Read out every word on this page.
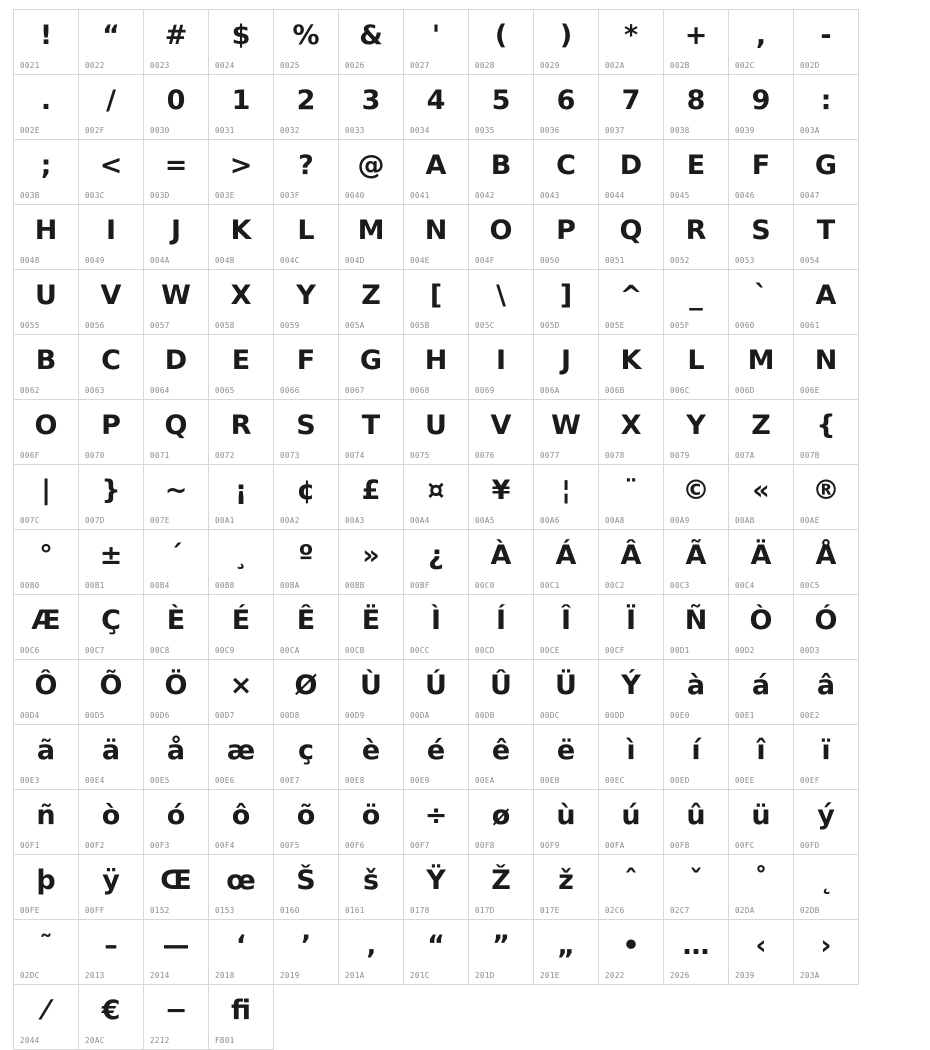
!
0021
“
0022
#
0023
$
0024
%
0025
&
0026
'
0027
(
0028
)
0029
*
002A
+
002B
,
002C
-
002D
.
002E
/
002F
0
0030
1
0031
2
0032
3
0033
4
0034
5
0035
6
0036
7
0037
8
0038
9
0039
:
003A
;
003B
<
003C
=
003D
>
003E
?
003F
@
0040
A
0041
B
0042
C
0043
D
0044
E
0045
F
0046
G
0047
H
0048
I
0049
J
004A
K
004B
L
004C
M
004D
N
004E
O
004F
P
0050
Q
0051
R
0052
S
0053
T
0054
U
0055
V
0056
W
0057
X
0058
Y
0059
Z
005A
[
005B
\
005C
]
005D
^
005E
_
005F
`
0060
A
0061
B
0062
C
0063
D
0064
E
0065
F
0066
G
0067
H
0068
I
0069
J
006A
K
006B
L
006C
M
006D
N
006E
O
006F
P
0070
Q
0071
R
0072
S
0073
T
0074
U
0075
V
0076
W
0077
X
0078
Y
0079
Z
007A
{
007B
|
007C
}
007D
~
007E
¡
00A1
¢
00A2
£
00A3
¤
00A4
¥
00A5
¦
00A6
¨
00A8
©
00A9
«
00AB
®
00AE
°
00B0
±
00B1
´
00B4
¸
00B8
º
00BA
»
00BB
¿
00BF
À
00C0
Á
00C1
Â
00C2
Ã
00C3
Ä
00C4
Å
00C5
Æ
00C6
Ç
00C7
È
00C8
É
00C9
Ê
00CA
Ë
00CB
Ì
00CC
Í
00CD
Î
00CE
Ï
00CF
Ñ
00D1
Ò
00D2
Ó
00D3
Ô
00D4
Õ
00D5
Ö
00D6
×
00D7
Ø
00D8
Ù
00D9
Ú
00DA
Û
00DB
Ü
00DC
Ý
00DD
à
00E0
á
00E1
â
00E2
ã
00E3
ä
00E4
å
00E5
æ
00E6
ç
00E7
è
00E8
é
00E9
ê
00EA
ë
00EB
ì
00EC
í
00ED
î
00EE
ï
00EF
ñ
00F1
ò
00F2
ó
00F3
ô
00F4
õ
00F5
ö
00F6
÷
00F7
ø
00F8
ù
00F9
ú
00FA
û
00FB
ü
00FC
ý
00FD
þ
00FE
ÿ
00FF
Œ
0152
œ
0153
Š
0160
š
0161
Ÿ
0178
Ž
017D
ž
017E
ˆ
02C6
ˇ
02C7
˚
02DA
˛
02DB
˜
02DC
–
2013
—
2014
‘
2018
’
2019
‚
201A
“
201C
”
201D
„
201E
•
2022
…
2026
‹
2039
›
203A
⁄
2044
€
20AC
−
2212
ﬁ
FB01
